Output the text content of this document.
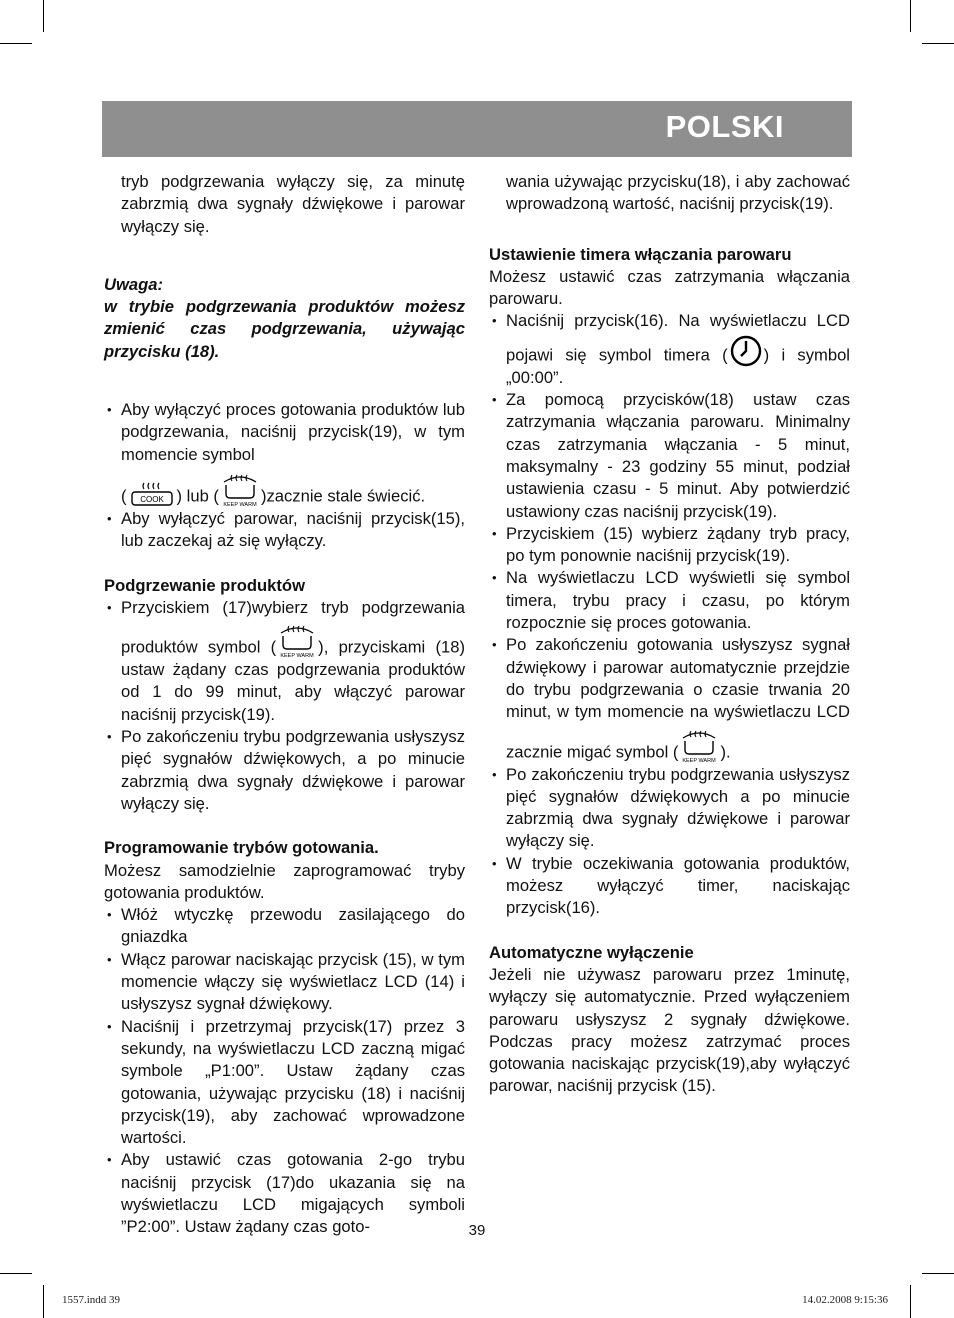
POLSKI

tryb podgrzewania wyłączy się, za minutę zabrzmią dwa sygnały dźwiękowe i parowar wyłączy się.

Uwaga:

w trybie podgrzewania produktów możesz zmienić czas podgrzewania, używając przycisku (18).

• Aby wyłączyć proces gotowania produktów lub podgrzewania, naciśnij przycisk(19), w tym momencie symbol
( COOK ) lub ( KEEP WARM )zacznie stale świecić.
• Aby wyłączyć parowar, naciśnij przycisk(15), lub zaczekaj aż się wyłączy.

Podgrzewanie produktów

• Przyciskiem (17)wybierz tryb podgrzewania produktów symbol ( KEEP WARM ), przyciskami (18) ustaw żądany czas podgrzewania produktów od 1 do 99 minut, aby włączyć parowar naciśnij przycisk(19).
• Po zakończeniu trybu podgrzewania usłyszysz pięć sygnałów dźwiękowych, a po minucie zabrzmią dwa sygnały dźwiękowe i parowar wyłączy się.

Programowanie trybów gotowania.

Możesz samodzielnie zaprogramować tryby gotowania produktów.

• Włóż wtyczkę przewodu zasilającego do gniazdka
• Włącz parowar naciskając przycisk (15), w tym momencie włączy się wyświetlacz LCD (14) i usłyszysz sygnał dźwiękowy.
• Naciśnij i przetrzymaj przycisk(17) przez 3 sekundy, na wyświetlaczu LCD zaczną migać symbole „P1:00”. Ustaw żądany czas gotowania, używając przycisku (18) i naciśnij przycisk(19), aby zachować wprowadzone wartości.
• Aby ustawić czas gotowania 2-go trybu naciśnij przycisk (17)do ukazania się na wyświetlaczu LCD migających symboli ”P2:00”. Ustaw żądany czas goto-

wania używając przycisku(18), i aby zachować wprowadzoną wartość, naciśnij przycisk(19).

Ustawienie timera włączania parowaru

Możesz ustawić czas zatrzymania włączania parowaru.

• Naciśnij przycisk(16). Na wyświetlaczu LCD pojawi się symbol timera ( ) i symbol „00:00”.
• Za pomocą przycisków(18) ustaw czas zatrzymania włączania parowaru. Minimalny czas zatrzymania włączania - 5 minut, maksymalny - 23 godziny 55 minut, podział ustawienia czasu - 5 minut. Aby potwierdzić ustawiony czas naciśnij przycisk(19).
• Przyciskiem (15) wybierz żądany tryb pracy, po tym ponownie naciśnij przycisk(19).
• Na wyświetlaczu LCD wyświetli się symbol timera, trybu pracy i czasu, po którym rozpocznie się proces gotowania.
• Po zakończeniu gotowania usłyszysz sygnał dźwiękowy i parowar automatycznie przejdzie do trybu podgrzewania o czasie trwania 20 minut, w tym momencie na wyświetlaczu LCD zacznie migać symbol ( KEEP WARM ).
• Po zakończeniu trybu podgrzewania usłyszysz pięć sygnałów dźwiękowych a po minucie zabrzmią dwa sygnały dźwiękowe i parowar wyłączy się.
• W trybie oczekiwania gotowania produktów, możesz wyłączyć timer, naciskając przycisk(16).

Automatyczne wyłączenie

Jeżeli nie używasz parowaru przez 1minutę, wyłączy się automatycznie. Przed wyłączeniem parowaru usłyszysz 2 sygnały dźwiękowe. Podczas pracy możesz zatrzymać proces gotowania naciskając przycisk(19),aby wyłączyć parowar, naciśnij przycisk (15).

39
1557.indd 39	14.02.2008 9:15:36
